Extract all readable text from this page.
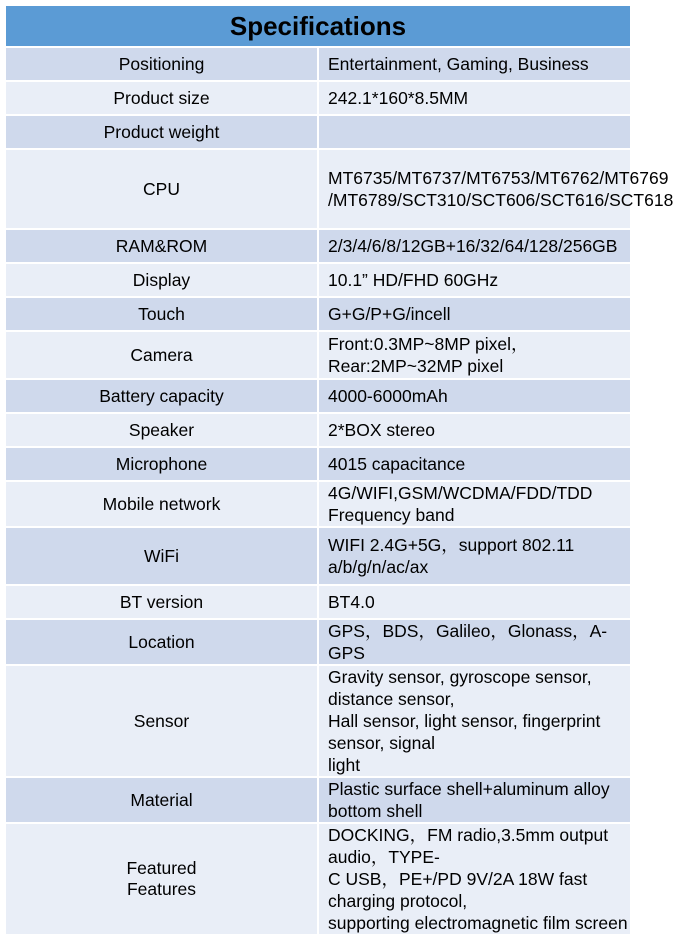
Specifications	
Positioning	Entertainment, Gaming, Business

Product size	242.1*160*8.5MM

Product weight	
CPU	MT6735/MT6737/MT6753/MT6762/MT6769
/MT6789/SCT310/SCT606/SCT616/SCT618

RAM&ROM	2/3/4/6/8/12GB+16/32/64/128/256GB

Display	10.1” HD/FHD 60GHz

Touch	G+G/P+G/incell

Camera	Front:0.3MP~8MP pixel，
Rear:2MP~32MP pixel

Battery capacity	4000-6000mAh

Speaker	2*BOX stereo

Microphone	4015 capacitance

Mobile network	4G/WIFI,GSM/WCDMA/FDD/TDD Frequency band

WiFi	WIFI 2.4G+5G，support 802.11 a/b/g/n/ac/ax

BT version	BT4.0

Location	GPS，BDS，Galileo，Glonass，A-GPS

Sensor	Gravity sensor, gyroscope sensor, distance sensor,
Hall sensor, light sensor, fingerprint sensor, signal
light

Material	Plastic surface shell+aluminum alloy bottom shell

Featured
Features	DOCKING，FM radio,3.5mm output audio，TYPE-
C USB，PE+/PD 9V/2A 18W fast charging protocol,
supporting electromagnetic film screen
